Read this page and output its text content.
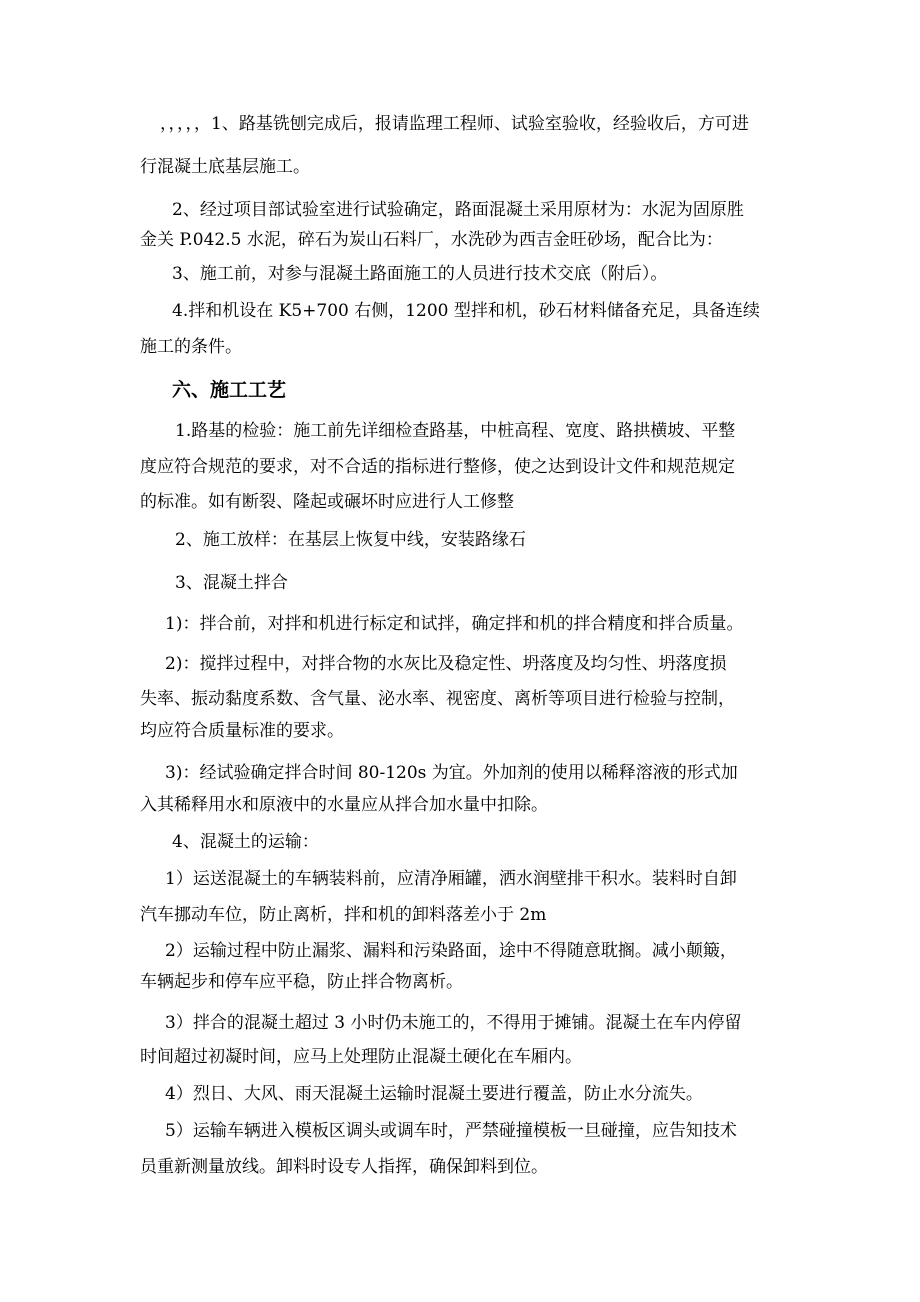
，，，，，1、路基铣刨完成后，报请监理工程师、试验室验收，经验收后，方可进
行混凝土底基层施工。
2、经过项目部试验室进行试验确定，路面混凝土采用原材为：水泥为固原胜
金关 P.042.5 水泥，碎石为炭山石料厂，水洗砂为西吉金旺砂场，配合比为：
3、施工前，对参与混凝土路面施工的人员进行技术交底（附后）。
4.拌和机设在 K5+700 右侧，1200 型拌和机，砂石材料储备充足，具备连续
施工的条件。
六、施工工艺
1.路基的检验：施工前先详细检查路基，中桩高程、宽度、路拱横坡、平整
度应符合规范的要求，对不合适的指标进行整修，使之达到设计文件和规范规定
的标准。如有断裂、隆起或碾坏时应进行人工修整
2、施工放样：在基层上恢复中线，安装路缘石
3、混凝土拌合
1)：拌合前，对拌和机进行标定和试拌，确定拌和机的拌合精度和拌合质量。
2)：搅拌过程中，对拌合物的水灰比及稳定性、坍落度及均匀性、坍落度损
失率、振动黏度系数、含气量、泌水率、视密度、离析等项目进行检验与控制，
均应符合质量标准的要求。
3)：经试验确定拌合时间 80-120s 为宜。外加剂的使用以稀释溶液的形式加
入其稀释用水和原液中的水量应从拌合加水量中扣除。
4、混凝土的运输：
1）运送混凝土的车辆装料前，应清净厢罐，洒水润壁排干积水。装料时自卸
汽车挪动车位，防止离析，拌和机的卸料落差小于 2m
2）运输过程中防止漏浆、漏料和污染路面，途中不得随意耽搁。减小颠簸，
车辆起步和停车应平稳，防止拌合物离析。
3）拌合的混凝土超过 3 小时仍未施工的，不得用于摊铺。混凝土在车内停留
时间超过初凝时间，应马上处理防止混凝土硬化在车厢内。
4）烈日、大风、雨天混凝土运输时混凝土要进行覆盖，防止水分流失。
5）运输车辆进入模板区调头或调车时，严禁碰撞模板一旦碰撞，应告知技术
员重新测量放线。卸料时设专人指挥，确保卸料到位。
